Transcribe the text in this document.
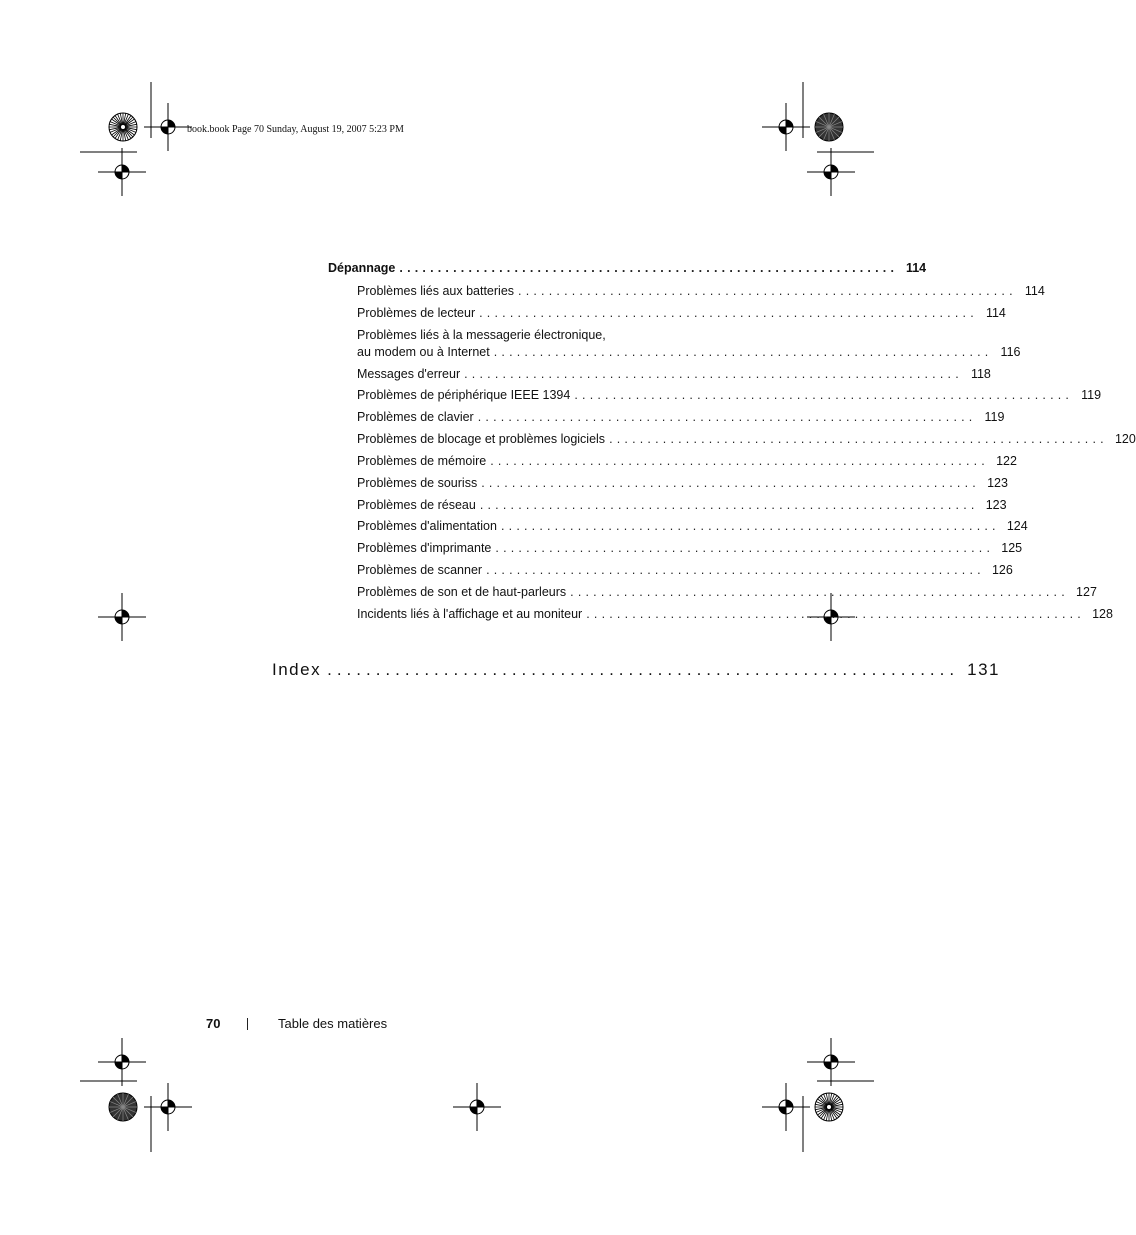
book.book Page 70 Sunday, August 19, 2007 5:23 PM
Dépannage ................................................................. 114
Problèmes liés aux batteries ................................................................. 114
Problèmes de lecteur ................................................................. 114
Problèmes liés à la messagerie électronique,
au modem ou à Internet ................................................................. 116
Messages d'erreur ................................................................. 118
Problèmes de périphérique IEEE 1394 ................................................................. 119
Problèmes de clavier ................................................................. 119
Problèmes de blocage et problèmes logiciels ................................................................. 120
Problèmes de mémoire ................................................................. 122
Problèmes de souriss ................................................................. 123
Problèmes de réseau ................................................................. 123
Problèmes d'alimentation ................................................................. 124
Problèmes d'imprimante ................................................................. 125
Problèmes de scanner ................................................................. 126
Problèmes de son et de haut-parleurs ................................................................. 127
Incidents liés à l'affichage et au moniteur ................................................................. 128
Index ................................................................. 131
70	Table des matières
